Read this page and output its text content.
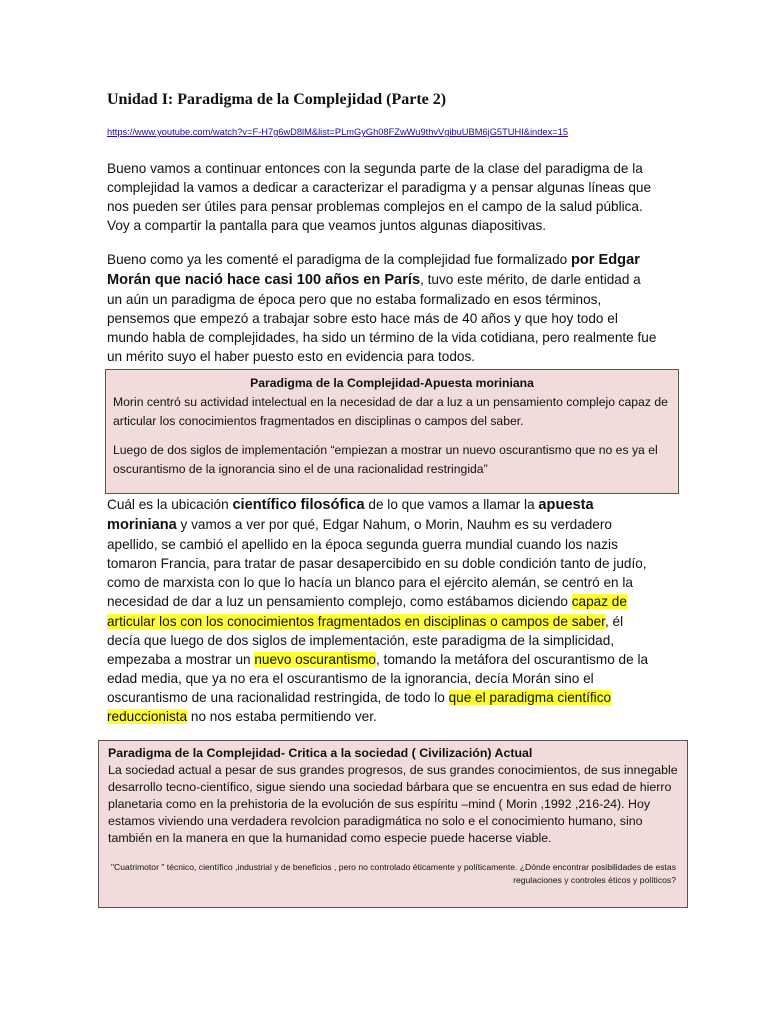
Unidad I: Paradigma de la Complejidad (Parte 2)
https://www.youtube.com/watch?v=F-H7g6wD8lM&list=PLmGyGh08FZwWu9thvVgibuUBM6jG5TUHI&index=15

Bueno vamos a continuar entonces con la segunda parte de la clase del paradigma de la complejidad la vamos a dedicar a caracterizar el paradigma y a pensar algunas líneas que nos pueden ser útiles para pensar problemas complejos en el campo de la salud pública. Voy a compartir la pantalla para que veamos juntos algunas diapositivas.

Bueno como ya les comenté el paradigma de la complejidad fue formalizado por Edgar Morán que nació hace casi 100 años en París, tuvo este mérito, de darle entidad a un aún un paradigma de época pero que no estaba formalizado en esos términos, pensemos que empezó a trabajar sobre esto hace más de 40 años y que hoy todo el mundo habla de complejidades, ha sido un término de la vida cotidiana, pero realmente fue un mérito suyo el haber puesto esto en evidencia para todos.

Paradigma de la Complejidad-Apuesta moriniana

Morin centró su actividad intelectual en la necesidad de dar a luz a un pensamiento complejo capaz de articular los conocimientos fragmentados en disciplinas o campos del saber.

Luego de dos siglos de implementación “empiezan a mostrar un nuevo oscurantismo que no es ya el oscurantismo de la ignorancia sino el de una racionalidad restringida”

Cuál es la ubicación científico filosófica de lo que vamos a llamar la apuesta moriniana y vamos a ver por qué, Edgar Nahum, o Morin, Nauhm es su verdadero apellido, se cambió el apellido en la época segunda guerra mundial cuando los nazis tomaron Francia, para tratar de pasar desapercibido en su doble condición tanto de judío, como de marxista con lo que lo hacía un blanco para el ejército alemán, se centró en la necesidad de dar a luz un pensamiento complejo, como estábamos diciendo capaz de articular los con los conocimientos fragmentados en disciplinas o campos de saber, él decía que luego de dos siglos de implementación, este paradigma de la simplicidad, empezaba a mostrar un nuevo oscurantismo, tomando la metáfora del oscurantismo de la edad media, que ya no era el oscurantismo de la ignorancia, decía Morán sino el oscurantismo de una racionalidad restringida, de todo lo que el paradigma científico reduccionista no nos estaba permitiendo ver.

Paradigma de la Complejidad- Critica a la sociedad ( Civilización) Actual

La sociedad actual a pesar de sus grandes progresos, de sus grandes conocimientos, de sus innegable desarrollo tecno-científico, sigue siendo una sociedad bárbara que se encuentra en sus edad de hierro planetaria como en la prehistoria de la evolución de sus espíritu –mind ( Morin ,1992 ,216-24). Hoy estamos viviendo una verdadera revolcion paradigmática no solo e el conocimiento humano, sino también en la manera en que la humanidad como especie puede hacerse viable.

"Cuatrimotor " técnico, científico ,industrial y de beneficios , pero no controlado éticamente y políticamente. ¿Dónde encontrar posibilidades de estas regulaciones y controles éticos y políticos?
